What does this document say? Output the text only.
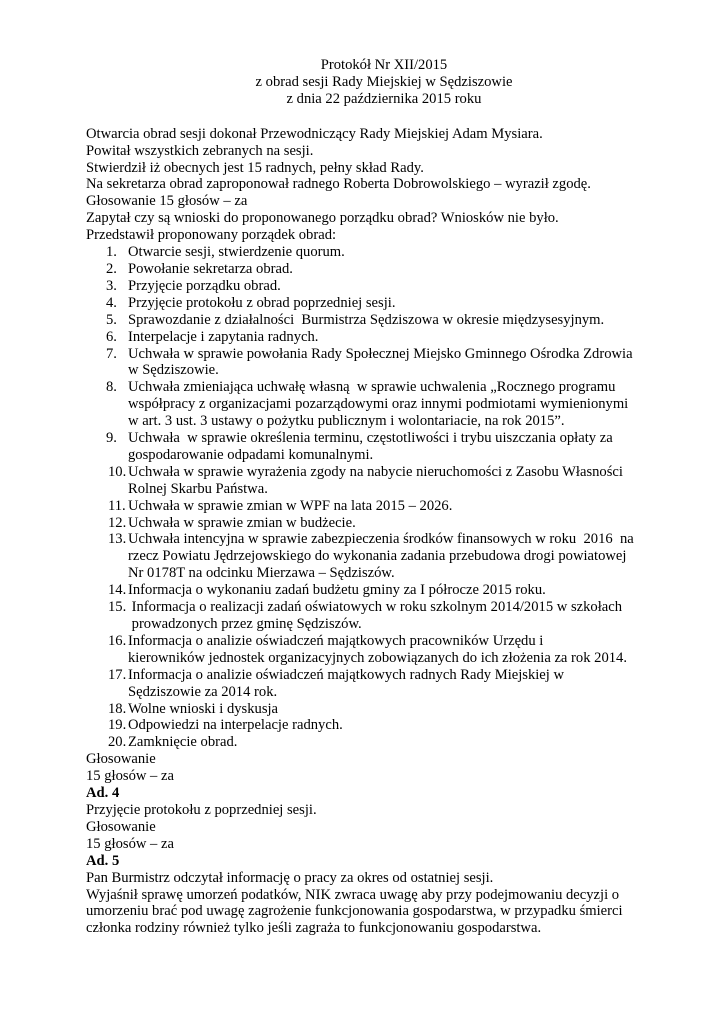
Protokół Nr XII/2015
z obrad sesji Rady Miejskiej w Sędziszowie
z dnia 22 października 2015 roku
Otwarcia obrad sesji dokonał Przewodniczący Rady Miejskiej Adam Mysiara.
Powitał wszystkich zebranych na sesji.
Stwierdził iż obecnych jest 15 radnych, pełny skład Rady.
Na sekretarza obrad zaproponował radnego Roberta Dobrowolskiego – wyraził zgodę.
Głosowanie 15 głosów – za
Zapytał czy są wnioski do proponowanego porządku obrad? Wniosków nie było.
Przedstawił proponowany porządek obrad:
1. Otwarcie sesji, stwierdzenie quorum.
2. Powołanie sekretarza obrad.
3. Przyjęcie porządku obrad.
4. Przyjęcie protokołu z obrad poprzedniej sesji.
5. Sprawozdanie z działalności  Burmistrza Sędziszowa w okresie międzysesyjnym.
6. Interpelacje i zapytania radnych.
7. Uchwała w sprawie powołania Rady Społecznej Miejsko Gminnego Ośrodka Zdrowia
w Sędziszowie.
8. Uchwała zmieniająca uchwałę własną  w sprawie uchwalenia „Rocznego programu
współpracy z organizacjami pozarządowymi oraz innymi podmiotami wymienionymi
w art. 3 ust. 3 ustawy o pożytku publicznym i wolontariacie, na rok 2015”.
9. Uchwała  w sprawie określenia terminu, częstotliwości i trybu uiszczania opłaty za
gospodarowanie odpadami komunalnymi.
10. Uchwała w sprawie wyrażenia zgody na nabycie nieruchomości z Zasobu Własności
Rolnej Skarbu Państwa.
11. Uchwała w sprawie zmian w WPF na lata 2015 – 2026.
12. Uchwała w sprawie zmian w budżecie.
13. Uchwała intencyjna w sprawie zabezpieczenia środków finansowych w roku  2016  na
rzecz Powiatu Jędrzejowskiego do wykonania zadania przebudowa drogi powiatowej
Nr 0178T na odcinku Mierzawa – Sędziszów.
14. Informacja o wykonaniu zadań budżetu gminy za I półrocze 2015 roku.
15. Informacja o realizacji zadań oświatowych w roku szkolnym 2014/2015 w szkołach
prowadzonych przez gminę Sędziszów.
16. Informacja o analizie oświadczeń majątkowych pracowników Urzędu i
kierowników jednostek organizacyjnych zobowiązanych do ich złożenia za rok 2014.
17. Informacja o analizie oświadczeń majątkowych radnych Rady Miejskiej w
Sędziszowie za 2014 rok.
18. Wolne wnioski i dyskusja
19. Odpowiedzi na interpelacje radnych.
20. Zamknięcie obrad.
Głosowanie
15 głosów – za
Ad. 4
Przyjęcie protokołu z poprzedniej sesji.
Głosowanie
15 głosów – za
Ad. 5
Pan Burmistrz odczytał informację o pracy za okres od ostatniej sesji.
Wyjaśnił sprawę umorzeń podatków, NIK zwraca uwagę aby przy podejmowaniu decyzji o
umorzeniu brać pod uwagę zagrożenie funkcjonowania gospodarstwa, w przypadku śmierci
członka rodziny również tylko jeśli zagraża to funkcjonowaniu gospodarstwa.
